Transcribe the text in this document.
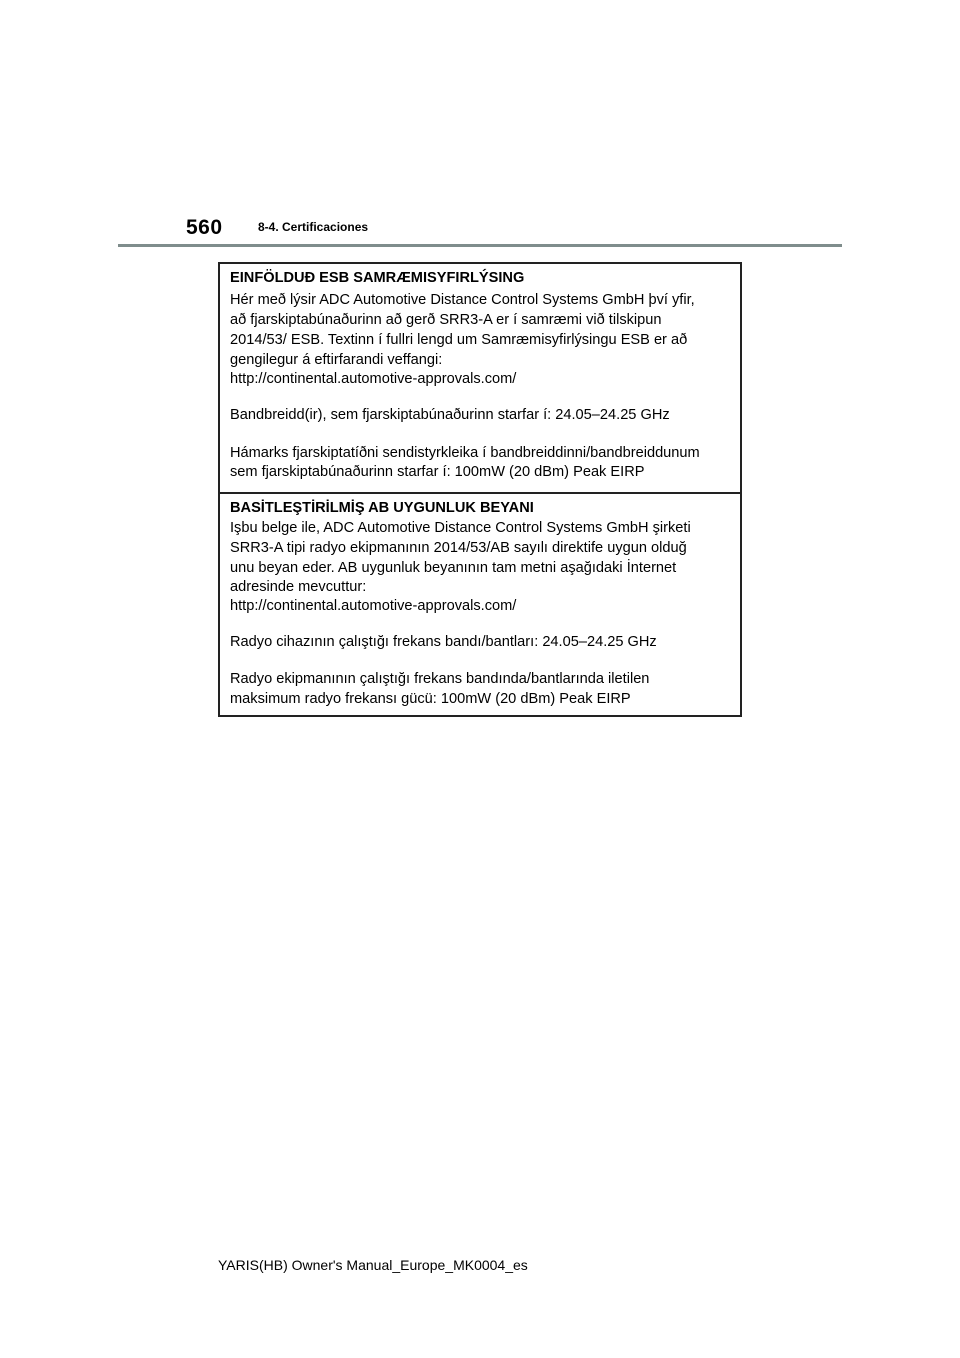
560	8-4. Certificaciones
EINFÖLDUÐ ESB SAMRÆMISYFIRLÝSING
Hér með lýsir ADC Automotive Distance Control Systems GmbH því yfir,
að fjarskiptabúnaðurinn að gerð SRR3-A er í samræmi við tilskipun
2014/53/ ESB. Textinn í fullri lengd um Samræmisyfirlýsingu ESB er að
gengilegur á eftirfarandi veffangi:
http://continental.automotive-approvals.com/
Bandbreidd(ir), sem fjarskiptabúnaðurinn starfar í: 24.05–24.25 GHz
Hámarks fjarskiptatíðni sendistyrkleika í bandbreiddinni/bandbreiddunum
sem fjarskiptabúnaðurinn starfar í: 100mW (20 dBm) Peak EIRP
BASİTLEŞTİRİLMİŞ AB UYGUNLUK BEYANI
Işbu belge ile, ADC Automotive Distance Control Systems GmbH şirketi
SRR3-A tipi radyo ekipmanının 2014/53/AB sayılı direktife uygun olduğ
unu beyan eder. AB uygunluk beyanının tam metni aşağıdaki İnternet
adresinde mevcuttur:
http://continental.automotive-approvals.com/
Radyo cihazının çalıştığı frekans bandı/bantları: 24.05–24.25 GHz
Radyo ekipmanının çalıştığı frekans bandında/bantlarında iletilen
maksimum radyo frekansı gücü: 100mW (20 dBm) Peak EIRP
YARIS(HB) Owner's Manual_Europe_MK0004_es
